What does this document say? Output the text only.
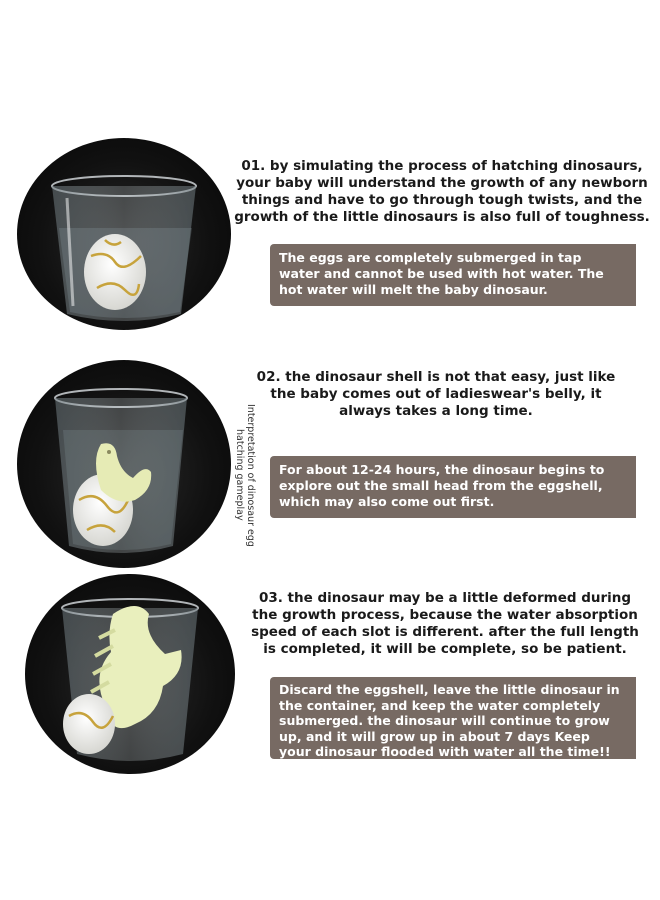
Interpretation of dinosaur egg hatching gameplay
01. by simulating the process of hatching dinosaurs, your baby will understand the growth of any newborn things and have to go through tough twists, and the growth of the little dinosaurs is also full of toughness.
The eggs are completely submerged in tap water and cannot be used with hot water. The hot water will melt the baby dinosaur.
02. the dinosaur shell is not that easy, just like the baby comes out of ladieswear's belly, it always takes a long time.
For about 12-24 hours, the dinosaur begins to explore out the small head from the eggshell, which may also come out first.
03. the dinosaur may be a little deformed during the growth process, because the water absorption speed of each slot is different. after the full length is completed, it will be complete, so be patient.
Discard the eggshell, leave the little dinosaur in the container, and keep the water completely submerged. the dinosaur will continue to grow up, and it will grow up in about 7 days Keep your dinosaur flooded with water all the time!!
